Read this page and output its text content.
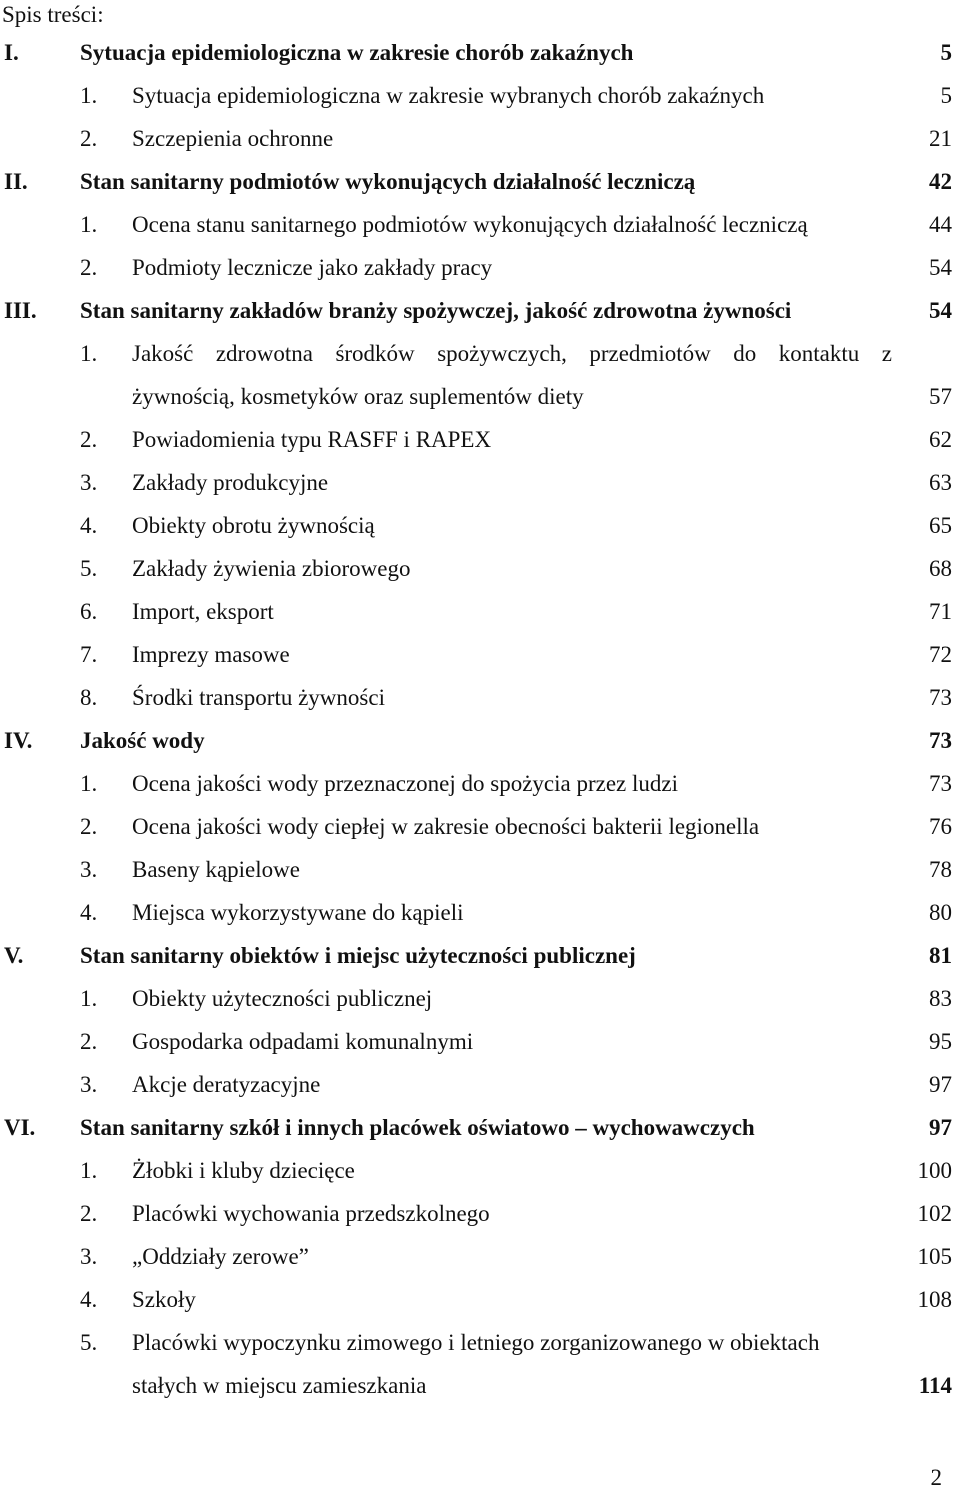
Spis treści:
I.	Sytuacja epidemiologiczna w zakresie chorób zakaźnych	5
1. Sytuacja epidemiologiczna w zakresie wybranych chorób zakaźnych	5
2. Szczepienia ochronne	21
II. Stan sanitarny podmiotów wykonujących działalność leczniczą	42
1. Ocena stanu sanitarnego podmiotów wykonujących działalność leczniczą	44
2. Podmioty lecznicze jako zakłady pracy	54
III. Stan sanitarny zakładów branży spożywczej, jakość zdrowotna żywności	54
1. Jakość zdrowotna środków spożywczych, przedmiotów do kontaktu z
żywnością, kosmetyków oraz suplementów diety	57
2. Powiadomienia typu RASFF i RAPEX	62
3. Zakłady produkcyjne	63
4. Obiekty obrotu żywnością	65
5. Zakłady żywienia zbiorowego	68
6. Import, eksport	71
7. Imprezy masowe	72
8. Środki transportu żywności	73
IV. Jakość wody	73
1. Ocena jakości wody przeznaczonej do spożycia przez ludzi	73
2. Ocena jakości wody ciepłej w zakresie obecności bakterii legionella	76
3. Baseny kąpielowe	78
4. Miejsca wykorzystywane do kąpieli	80
V. Stan sanitarny obiektów i miejsc użyteczności publicznej	81
1. Obiekty użyteczności publicznej	83
2. Gospodarka odpadami komunalnymi	95
3. Akcje deratyzacyjne	97
VI. Stan sanitarny szkół i innych placówek oświatowo – wychowawczych	97
1. Żłobki i kluby dziecięce	100
2. Placówki wychowania przedszkolnego	102
3. „Oddziały zerowe”	105
4. Szkoły	108
5. Placówki wypoczynku zimowego i letniego zorganizowanego w obiektach
stałych w miejscu zamieszkania	114
2
